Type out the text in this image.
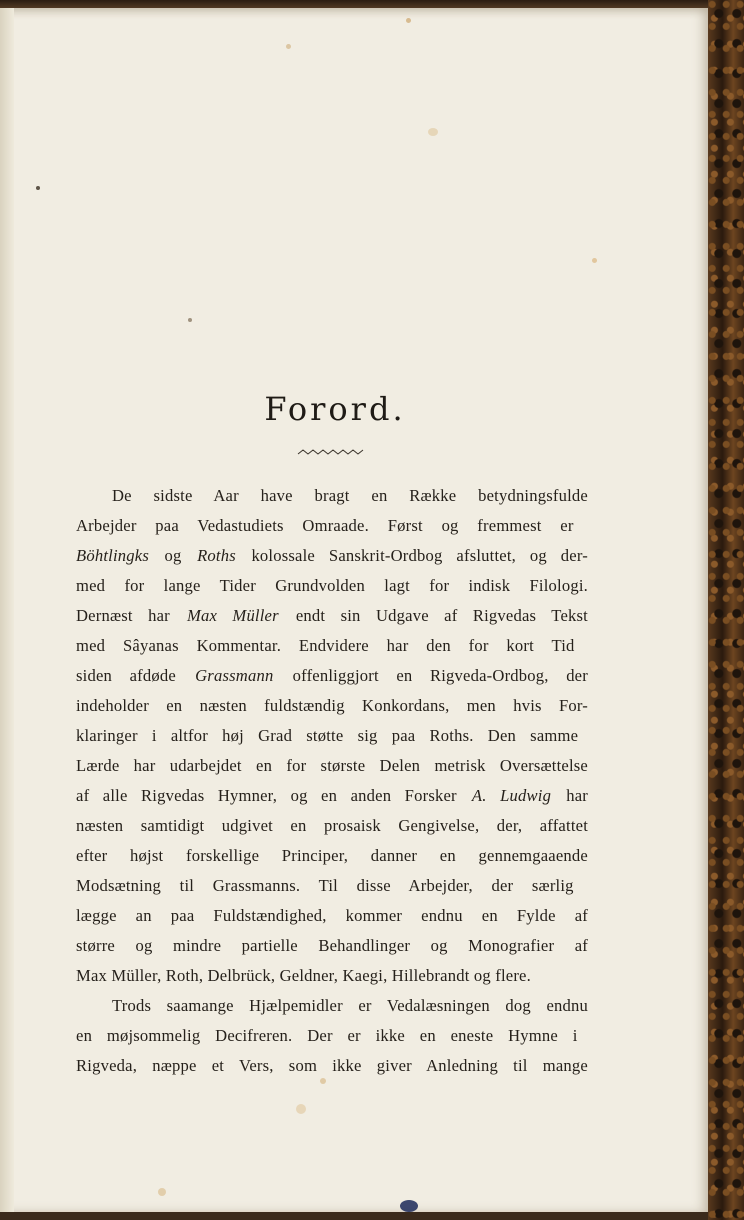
Forord.
De sidste Aar have bragt en Række betydningsfulde
Arbejder paa Vedastudiets Omraade. Først og fremmest er
Böhtlingks og Roths kolossale Sanskrit-Ordbog afsluttet, og der-
med for lange Tider Grundvolden lagt for indisk Filologi.
Dernæst har Max Müller endt sin Udgave af Rigvedas Tekst
med Sâyanas Kommentar. Endvidere har den for kort Tid
siden afdøde Grassmann offenliggjort en Rigveda-Ordbog, der
indeholder en næsten fuldstændig Konkordans, men hvis For-
klaringer i altfor høj Grad støtte sig paa Roths. Den samme
Lærde har udarbejdet en for største Delen metrisk Oversættelse
af alle Rigvedas Hymner, og en anden Forsker A. Ludwig har
næsten samtidigt udgivet en prosaisk Gengivelse, der, affattet
efter højst forskellige Principer, danner en gennemgaaende
Modsætning til Grassmanns. Til disse Arbejder, der særlig
lægge an paa Fuldstændighed, kommer endnu en Fylde af
større og mindre partielle Behandlinger og Monografier af
Max Müller, Roth, Delbrück, Geldner, Kaegi, Hillebrandt og flere.
Trods saamange Hjælpemidler er Vedalæsningen dog endnu
en møjsommelig Decifreren. Der er ikke en eneste Hymne i
Rigveda, næppe et Vers, som ikke giver Anledning til mange
